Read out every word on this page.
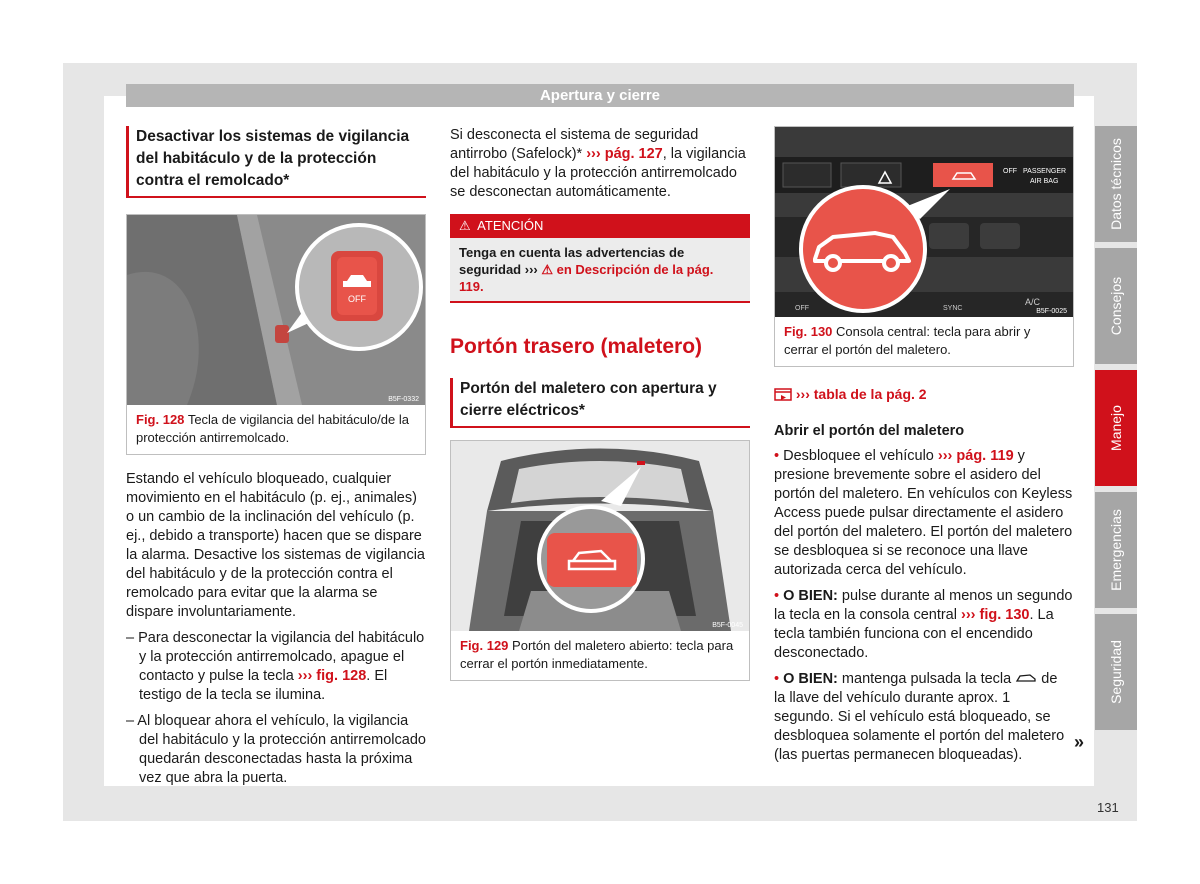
Apertura y cierre
Datos técnicos
Consejos
Manejo
Emergencias
Seguridad
131
Desactivar los sistemas de vigilancia del habitáculo y de la protección contra el remolcado*
OFF
B5F-0332
Fig. 128 Tecla de vigilancia del habitáculo/de la protección antirremolcado.
Estando el vehículo bloqueado, cualquier movimiento en el habitáculo (p. ej., animales) o un cambio de la inclinación del vehículo (p. ej., debido a transporte) hacen que se dispare la alarma. Desactive los sistemas de vigilancia del habitáculo y de la protección contra el remolcado para evitar que la alarma se dispare involuntariamente.
– Para desconectar la vigilancia del habitáculo y la protección antirremolcado, apague el contacto y pulse la tecla ››› fig. 128. El testigo de la tecla se ilumina.
– Al bloquear ahora el vehículo, la vigilancia del habitáculo y la protección antirremolcado quedarán desconectadas hasta la próxima vez que abra la puerta.
Si desconecta el sistema de seguridad antirrobo (Safelock)* ››› pág. 127, la vigilancia del habitáculo y la protección antirremolcado se desconectan automáticamente.
⚠ ATENCIÓN
Tenga en cuenta las advertencias de seguridad ››› ⚠ en Descripción de la pág. 119.
Portón trasero (maletero)
Portón del maletero con apertura y cierre eléctricos*
B5F-0045
Fig. 129 Portón del maletero abierto: tecla para cerrar el portón inmediatamente.
OFF PASSENGER
AIR BAG
OFF	SYNC
A/C
B5F-0025
Fig. 130 Consola central: tecla para abrir y cerrar el portón del maletero.
››› tabla de la pág. 2
Abrir el portón del maletero
• Desbloquee el vehículo ››› pág. 119 y presione brevemente sobre el asidero del portón del maletero. En vehículos con Keyless Access puede pulsar directamente el asidero del portón del maletero. El portón del maletero se desbloquea si se reconoce una llave autorizada cerca del vehículo.
• O BIEN: pulse durante al menos un segundo la tecla en la consola central ››› fig. 130. La tecla también funciona con el encendido desconectado.
• O BIEN: mantenga pulsada la tecla de la llave del vehículo durante aprox. 1 segundo. Si el vehículo está bloqueado, se desbloquea solamente el portón del maletero (las puertas permanecen bloqueadas).
»
